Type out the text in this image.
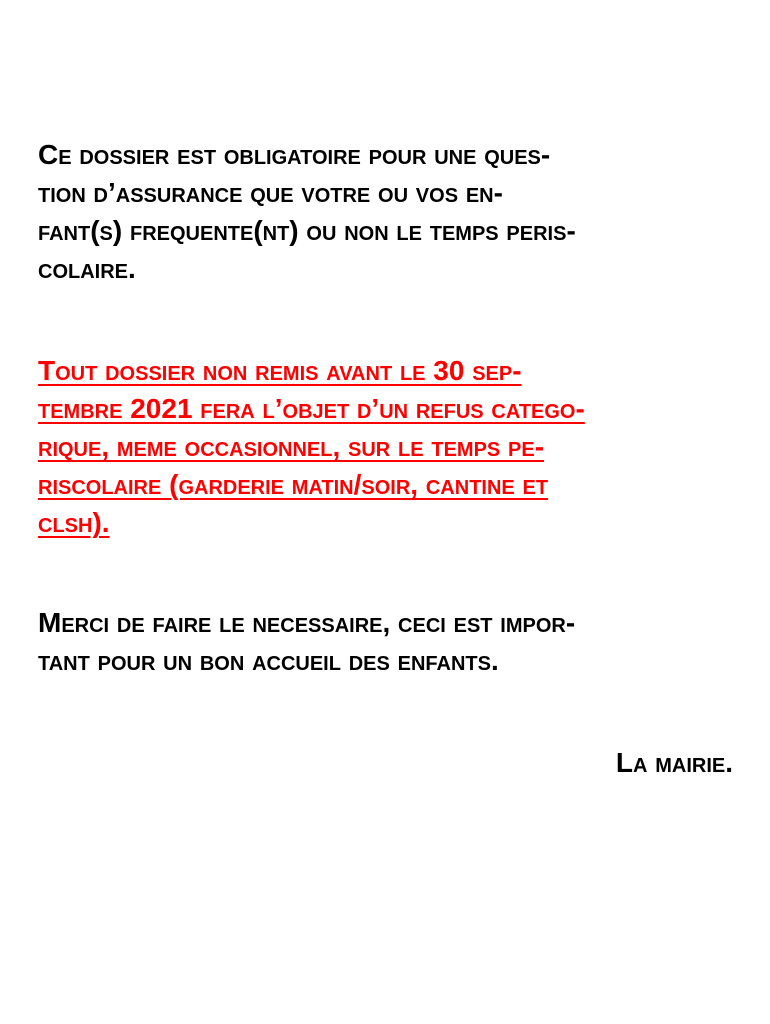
Ce dossier est obligatoire pour une ques-
tion d’assurance que votre ou vos en-
fant(s) frequente(nt) ou non le temps peris-
colaire.

Tout dossier non remis avant le 30 sep-
tembre 2021 fera l’objet d’un refus catego-
rique, meme occasionnel, sur le temps pe-
riscolaire (garderie matin/soir, cantine et
clsh).

Merci de faire le necessaire, ceci est impor-
tant pour un bon accueil des enfants.

La mairie.
